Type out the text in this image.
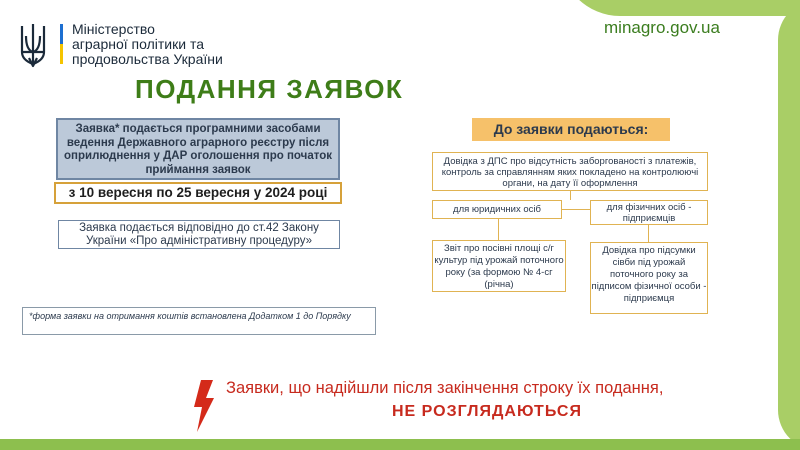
Міністерство
аграрної політики та
продовольства України
minagro.gov.ua
ПОДАННЯ ЗАЯВОК
Заявка* подається програмними засобами ведення Державного аграрного реєстру після оприлюднення у ДАР оголошення про початок приймання заявок
з 10 вересня по 25 вересня у 2024 році
Заявка подається відповідно до ст.42 Закону України «Про адміністративну процедуру»
*форма заявки на отримання коштів встановлена Додатком 1 до Порядку
До заявки подаються:
Довідка з ДПС про відсутність заборгованості з платежів, контроль за справлянням яких покладено на контролюючі органи, на дату її оформлення
для юридичних осіб	для фізичних осіб - підприємців
Звіт про посівні площі с/г культур під урожай поточного року (за формою № 4-сг (річна)
Довідка про підсумки сівби під урожай поточного року за підписом фізичної особи - підприємця
Заявки, що надійшли після закінчення строку їх подання,
НЕ РОЗГЛЯДАЮТЬСЯ
